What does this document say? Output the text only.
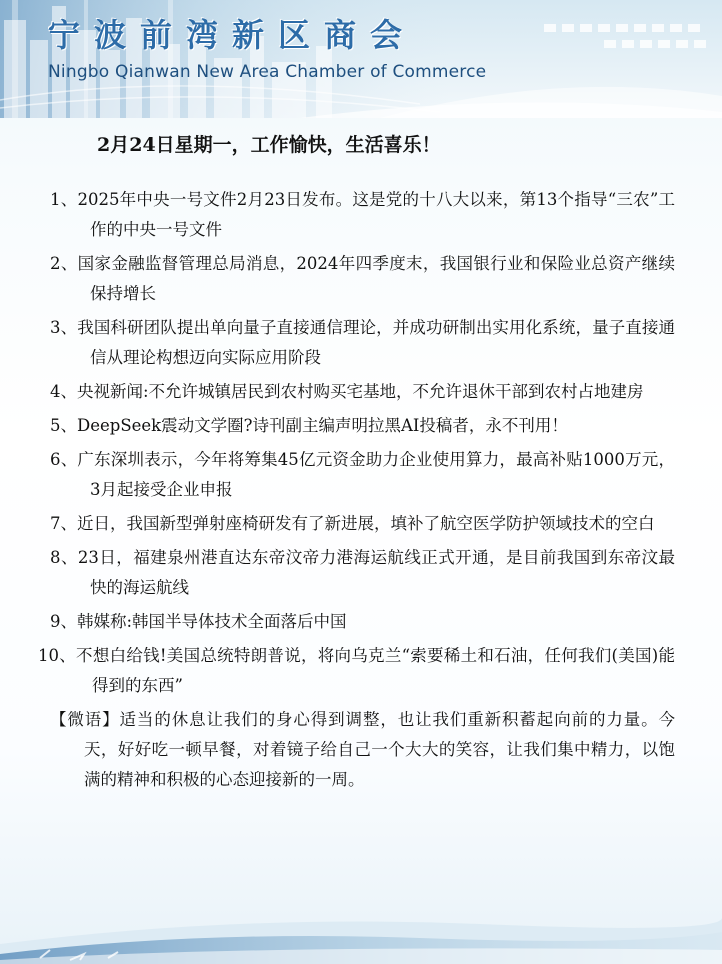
宁波前湾新区商会
Ningbo Qianwan New Area Chamber of Commerce
2月24日星期一，工作愉快，生活喜乐！
1、2025年中央一号文件2月23日发布。这是党的十八大以来，第13个指导“三农”工作的中央一号文件
2、国家金融监督管理总局消息，2024年四季度末，我国银行业和保险业总资产继续保持增长
3、我国科研团队提出单向量子直接通信理论，并成功研制出实用化系统，量子直接通信从理论构想迈向实际应用阶段
4、央视新闻:不允许城镇居民到农村购买宅基地，不允许退休干部到农村占地建房
5、DeepSeek震动文学圈?诗刊副主编声明拉黑AI投稿者，永不刊用！
6、广东深圳表示，今年将筹集45亿元资金助力企业使用算力，最高补贴1000万元，3月起接受企业申报
7、近日，我国新型弹射座椅研发有了新进展，填补了航空医学防护领域技术的空白
8、23日，福建泉州港直达东帝汶帝力港海运航线正式开通，是目前我国到东帝汶最快的海运航线
9、韩媒称:韩国半导体技术全面落后中国
10、不想白给钱!美国总统特朗普说，将向乌克兰“索要稀土和石油，任何我们(美国)能得到的东西”
【微语】适当的休息让我们的身心得到调整，也让我们重新积蓄起向前的力量。今天，好好吃一顿早餐，对着镜子给自己一个大大的笑容，让我们集中精力，以饱满的精神和积极的心态迎接新的一周。
